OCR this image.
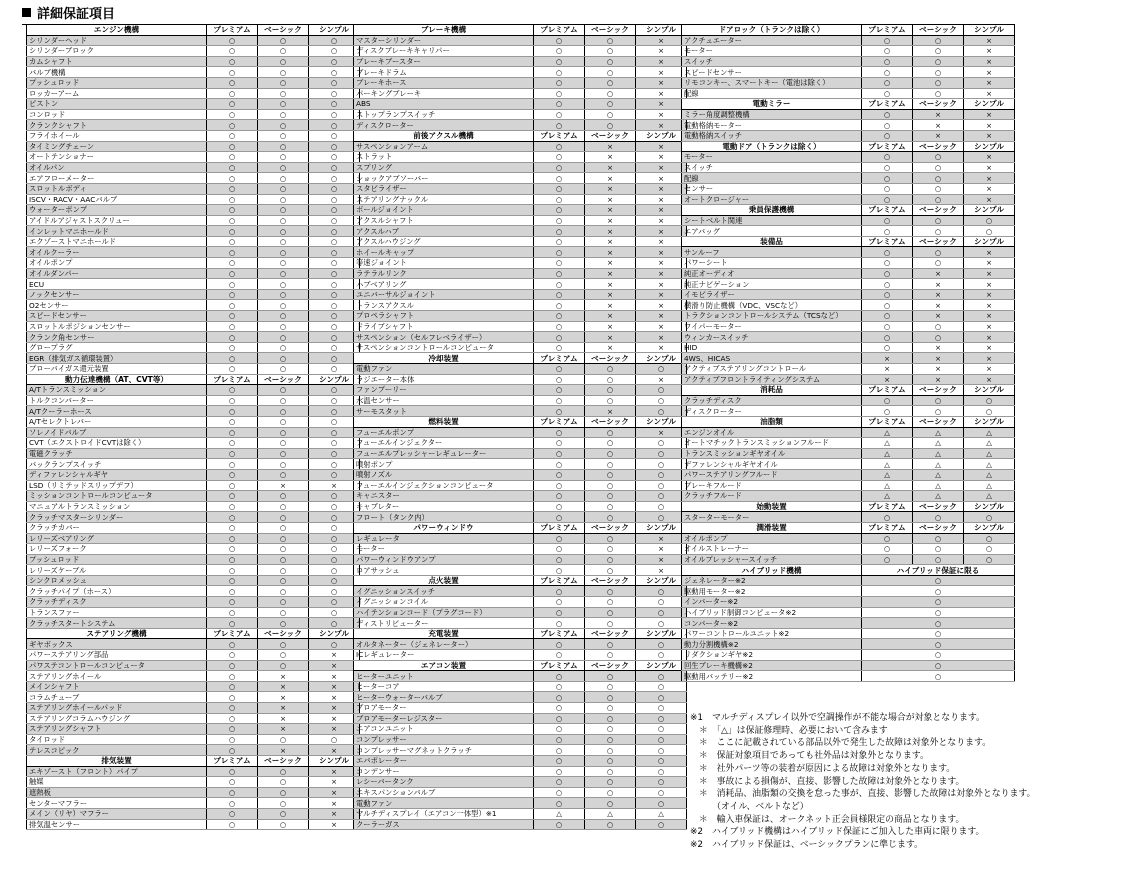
詳細保証項目
エンジン機構	プレミアム	ベーシック	シンプル
シリンダーヘッド	○	○	○
シリンダーブロック	○	○	○
カムシャフト	○	○	○
バルブ機構	○	○	○
プッシュロッド	○	○	○
ロッカーアーム	○	○	○
ピストン	○	○	○
コンロッド	○	○	○
クランクシャフト	○	○	○
フライホイール	○	○	○
タイミングチェーン	○	○	○
オートテンショナー	○	○	○
オイルパン	○	○	○
エアフローメーター	○	○	○
スロットルボディ	○	○	○
ISCV・RACV・AACバルブ	○	○	○
ウォーターポンプ	○	○	○
アイドルアジャストスクリュー	○	○	○
インレットマニホールド	○	○	○
エクゾーストマニホールド	○	○	○
オイルクーラー	○	○	○
オイルポンプ	○	○	○
オイルダンパー	○	○	○
ECU	○	○	○
ノックセンサー	○	○	○
O2センサー	○	○	○
スピードセンサー	○	○	○
スロットルポジションセンサー	○	○	○
クランク角センサー	○	○	○
グロープラグ	○	○	○
EGR（排気ガス循環装置）	○	○	○
ブローバイガス還元装置	○	○	○
動力伝達機構（AT、CVT等）	プレミアム	ベーシック	シンプル
A/Tトランスミッション	○	○	○
トルクコンバーター	○	○	○
A/Tクーラーホース	○	○	○
A/Tセレクトレバー	○	○	○
ソレノイドバルブ	○	○	○
CVT（エクストロイドCVTは除く）	○	○	○
電磁クラッチ	○	○	○
バックランプスイッチ	○	○	○
ディファレンシャルギヤ	○	○	○
LSD（リミテッドスリップデフ）	○	×	×
ミッションコントロールコンピュータ	○	○	○
マニュアルトランスミッション	○	○	○
クラッチマスターシリンダー	○	○	○
クラッチカバー	○	○	○
レリーズベアリング	○	○	○
レリーズフォーク	○	○	○
プッシュロッド	○	○	○
レリーズケーブル	○	○	○
シンクロメッシュ	○	○	○
クラッチパイプ（ホース）	○	○	○
クラッチディスク	○	○	○
トランスファー	○	○	○
クラッチスタートシステム	○	○	○
ステアリング機構	プレミアム	ベーシック	シンプル
ギヤボックス	○	○	○
パワーステアリング部品	○	○	×
パワステコントロールコンピュータ	○	○	×
ステアリングホイール	○	×	×
メインシャフト	○	×	×
コラムチューブ	○	×	×
ステアリングホイールパッド	○	×	×
ステアリングコラムハウジング	○	×	×
ステアリングシャフト	○	×	×
タイロッド	○	○	○
テレスコピック	○	×	×
排気装置	プレミアム	ベーシック	シンプル
エキゾースト（フロント）パイプ	○	○	×
触媒	○	○	×
遮熱板	○	○	×
センターマフラー	○	○	×
メイン（リヤ）マフラー	○	○	×
排気温センサー	○	○	×
ブレーキ機構	プレミアム	ベーシック	シンプル
マスターシリンダー	○	○	×
ディスクブレーキキャリパー	○	○	×
ブレーキブースター	○	○	×
ブレーキドラム	○	○	×
ブレーキホース	○	○	×
パーキングブレーキ	○	○	×
ABS	○	○	×
ストップランプスイッチ	○	○	×
ディスクローター	○	○	×
前後アクスル機構	プレミアム	ベーシック	シンプル
サスペンションアーム	○	×	×
ストラット	○	×	×
スプリング	○	×	×
ショックアブソーバー	○	×	×
スタビライザー	○	×	×
ステアリングナックル	○	×	×
ボールジョイント	○	×	×
アクスルシャフト	○	×	×
アクスルハブ	○	×	×
アクスルハウジング	○	×	×
ホイールキャップ	○	×	×
等速ジョイント	○	×	×
ラテラルリンク	○	×	×
ハブベアリング	○	×	×
ユニバーサルジョイント	○	×	×
トランスアクスル	○	×	×
プロペラシャフト	○	×	×
ドライブシャフト	○	×	×
サスペンション（セルフレベライザー）	○	×	×
サスペンションコントロールコンピュータ	○	×	×
冷却装置	プレミアム	ベーシック	シンプル
電動ファン	○	○	○
ラジエーター本体	○	○	×
ファンプーリー	○	○	○
水温センサー	○	○	○
サーモスタット	○	×	○
燃料装置	プレミアム	ベーシック	シンプル
フューエルポンプ	○	○	×
フューエルインジェクター	○	○	○
フューエルプレッシャーレギュレーター	○	○	○
噴射ポンプ	○	○	○
噴射ノズル	○	○	○
フューエルインジェクションコンピュータ	○	○	○
キャニスター	○	○	○
キャブレター	○	○	○
フロート（タンク内）	○	○	○
パワーウィンドウ	プレミアム	ベーシック	シンプル
レギュレータ	○	○	×
モーター	○	○	×
パワーウィンドウアンプ	○	○	×
ロアサッシュ	○	○	×
点火装置	プレミアム	ベーシック	シンプル
イグニッションスイッチ	○	○	○
イグニッションコイル	○	○	○
ハイテンションコード（プラグコード）	○	○	○
ディストリビューター	○	○	○
充電装置	プレミアム	ベーシック	シンプル
オルタネーター（ジェネレーター）	○	○	○
ICレギュレーター	○	○	○
エアコン装置	プレミアム	ベーシック	シンプル
ヒーターユニット	○	○	○
ヒーターコア	○	○	○
ヒーターウォーターバルブ	○	○	○
ブロアモーター	○	○	○
ブロアモーターレジスター	○	○	○
エアコンユニット	○	○	○
コンプレッサー	○	○	○
コンプレッサーマグネットクラッチ	○	○	○
エバポレーター	○	○	○
コンデンサー	○	○	○
レシーバータンク	○	○	○
エキスパンションバルブ	○	○	○
電動ファン	○	○	○
マルチディスプレイ（エアコン一体型）※1	△	△	△
クーラーガス	○	○	○
ドアロック（トランクは除く）	プレミアム	ベーシック	シンプル
アクチュエーター	○	○	×
モーター	○	○	×
スイッチ	○	○	×
スピードセンサー	○	○	×
リモコンキー、スマートキー（電池は除く）	○	○	×
配線	○	○	×
電動ミラー	プレミアム	ベーシック	シンプル
ミラー角度調整機構	○	×	×
電動格納モーター	○	×	×
電動格納スイッチ	○	×	×
電動ドア（トランクは除く）	プレミアム	ベーシック	シンプル
モーター	○	○	×
スイッチ	○	○	×
配線	○	○	×
センサー	○	○	×
オートクロージャー	○	○	×
乗員保護機構	プレミアム	ベーシック	シンプル
シートベルト関連	○	○	○
エアバッグ	○	○	○
装備品	プレミアム	ベーシック	シンプル
サンルーフ	○	○	×
パワーシート	○	○	×
純正オーディオ	○	×	×
純正ナビゲーション	○	×	×
イモビライザー	○	×	×
横滑り防止機構（VDC、VSCなど）	○	×	×
トラクションコントロールシステム（TCSなど）	○	×	×
ワイパーモーター	○	○	×
ウィンカースイッチ	○	○	×
HID	○	×	×
4WS、HICAS	×	×	×
アクティブステアリングコントロール	×	×	×
アクティブフロントライティングシステム	×	×	×
消耗品	プレミアム	ベーシック	シンプル
クラッチディスク	○	○	○
ディスクローター	○	○	○
油脂類	プレミアム	ベーシック	シンプル
エンジンオイル	△	△	△
オートマチックトランスミッションフルード	△	△	△
トランスミッションギヤオイル	△	△	△
デファレンシャルギヤオイル	△	△	△
パワーステアリングフルード	△	△	△
ブレーキフルード	△	△	△
クラッチフルード	△	△	△
始動装置	プレミアム	ベーシック	シンプル
スターターモーター	○	○	○
潤滑装置	プレミアム	ベーシック	シンプル
オイルポンプ	○	○	○
オイルストレーナー	○	○	○
オイルプレッシャースイッチ	○	○	○
ハイブリッド機構	ハイブリッド保証に限る		
ジェネレーター※2	○		
駆動用モーター※2	○		
インバーター※2	○		
ハイブリッド制御コンピュータ※2	○		
コンバーター※2	○		
パワーコントロールユニット※2	○		
動力分割機構※2	○		
リダクションギヤ※2	○		
回生ブレーキ機構※2	○		
駆動用バッテリー※2	○		
※1　マルチディスプレイ以外で空調操作が不能な場合が対象となります。
　＊　「△」は保証修理時、必要において含みます
　＊　ここに記載されている部品以外で発生した故障は対象外となります。
　＊　保証対象項目であっても社外品は対象外となります。
　＊　社外パーツ等の装着が原因による故障は対象外となります。
　＊　事故による損傷が、直接、影響した故障は対象外となります。
　＊　消耗品、油脂類の交換を怠った事が、直接、影響した故障は対象外となります。
　　　（オイル、ベルトなど）
　＊　輸入車保証は、オークネット正会員様限定の商品となります。
※2　ハイブリッド機構はハイブリッド保証にご加入した車両に限ります。
※2　ハイブリッド保証は、ベーシックプランに準じます。
